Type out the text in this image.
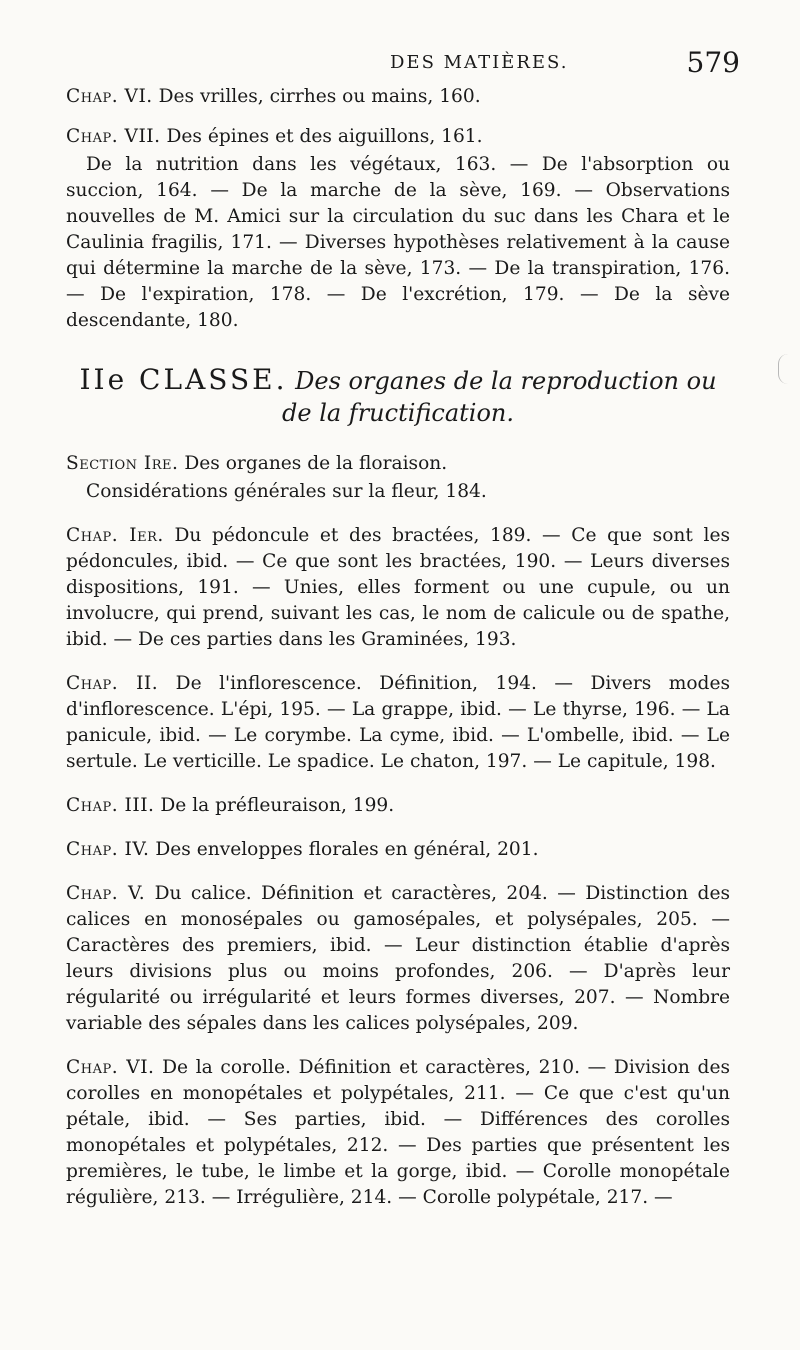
DES MATIÈRES.	579

Chap. VI. Des vrilles, cirrhes ou mains, 160.

Chap. VII. Des épines et des aiguillons, 161.

De la nutrition dans les végétaux, 163. — De l'absorption ou succion, 164. — De la marche de la sève, 169. — Observations nouvelles de M. Amici sur la circulation du suc dans les Chara et le Caulinia fragilis, 171. — Diverses hypothèses relativement à la cause qui détermine la marche de la sève, 173. — De la transpiration, 176. — De l'expiration, 178. — De l'excrétion, 179. — De la sève descendante, 180.

IIe CLASSE. Des organes de la reproduction ou de la fructification.

Section Ire. Des organes de la floraison.

Considérations générales sur la fleur, 184.

Chap. Ier. Du pédoncule et des bractées, 189. — Ce que sont les pédoncules, ibid. — Ce que sont les bractées, 190. — Leurs diverses dispositions, 191. — Unies, elles forment ou une cupule, ou un involucre, qui prend, suivant les cas, le nom de calicule ou de spathe, ibid. — De ces parties dans les Graminées, 193.

Chap. II. De l'inflorescence. Définition, 194. — Divers modes d'inflorescence. L'épi, 195. — La grappe, ibid. — Le thyrse, 196. — La panicule, ibid. — Le corymbe. La cyme, ibid. — L'ombelle, ibid. — Le sertule. Le verticille. Le spadice. Le chaton, 197. — Le capitule, 198.

Chap. III. De la préfleuraison, 199.

Chap. IV. Des enveloppes florales en général, 201.

Chap. V. Du calice. Définition et caractères, 204. — Distinction des calices en monosépales ou gamosépales, et polysépales, 205. — Caractères des premiers, ibid. — Leur distinction établie d'après leurs divisions plus ou moins profondes, 206. — D'après leur régularité ou irrégularité et leurs formes diverses, 207. — Nombre variable des sépales dans les calices polysépales, 209.

Chap. VI. De la corolle. Définition et caractères, 210. — Division des corolles en monopétales et polypétales, 211. — Ce que c'est qu'un pétale, ibid. — Ses parties, ibid. — Différences des corolles monopétales et polypétales, 212. — Des parties que présentent les premières, le tube, le limbe et la gorge, ibid. — Corolle monopétale régulière, 213. — Irrégulière, 214. — Corolle polypétale, 217. —
